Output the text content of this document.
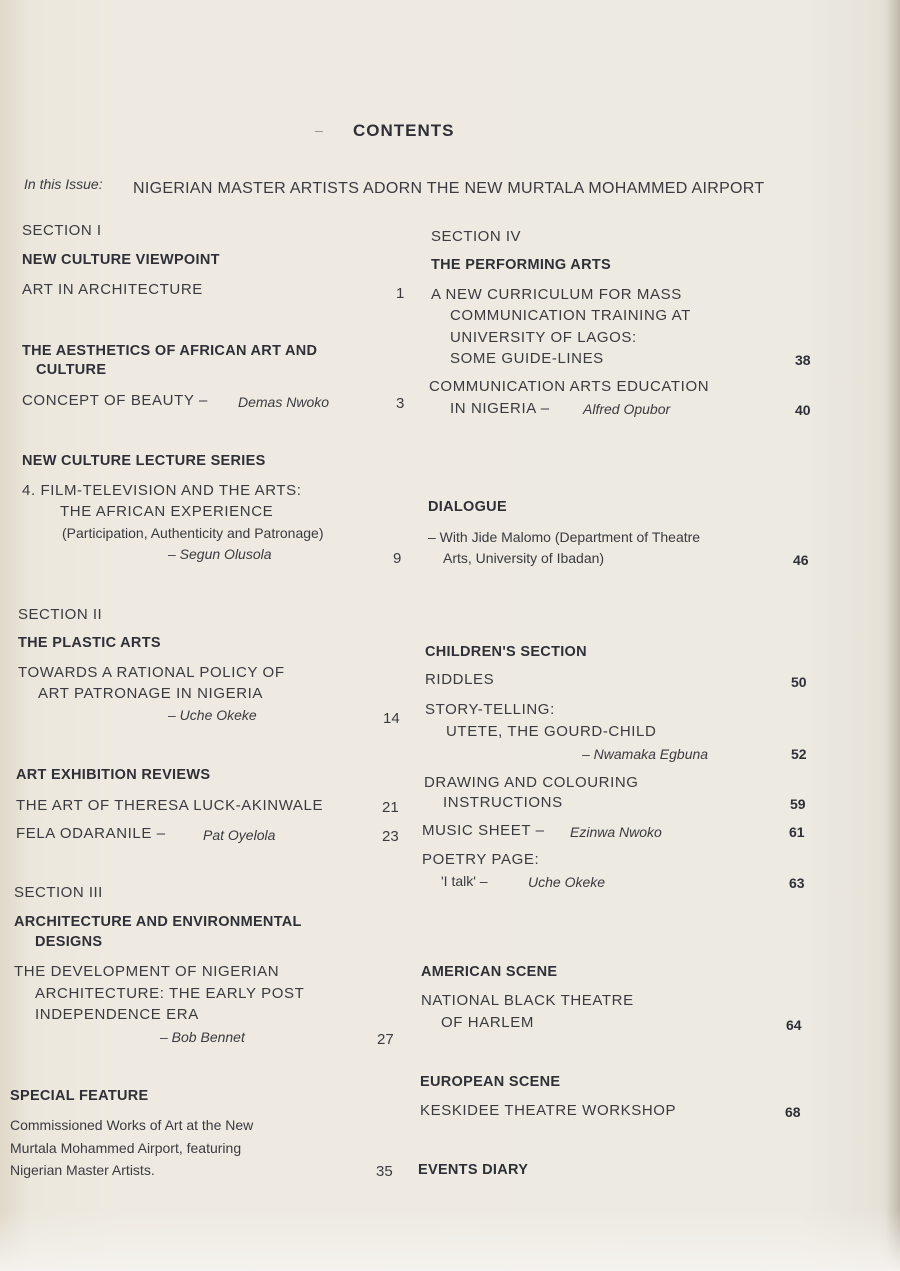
CONTENTS
In this Issue: NIGERIAN MASTER ARTISTS ADORN THE NEW MURTALA MOHAMMED AIRPORT
SECTION I
NEW CULTURE VIEWPOINT
ART IN ARCHITECTURE	1
THE AESTHETICS OF AFRICAN ART AND
CULTURE
CONCEPT OF BEAUTY – Demas Nwoko	3
NEW CULTURE LECTURE SERIES
4. FILM-TELEVISION AND THE ARTS:
THE AFRICAN EXPERIENCE
(Participation, Authenticity and Patronage)
– Segun Olusola	9
SECTION II
THE PLASTIC ARTS
TOWARDS A RATIONAL POLICY OF
ART PATRONAGE IN NIGERIA
– Uche Okeke	14
ART EXHIBITION REVIEWS
THE ART OF THERESA LUCK-AKINWALE	21
FELA ODARANILE –	Pat Oyelola	23
SECTION III
ARCHITECTURE AND ENVIRONMENTAL
DESIGNS
THE DEVELOPMENT OF NIGERIAN
ARCHITECTURE: THE EARLY POST
INDEPENDENCE ERA
– Bob Bennet	27
SPECIAL FEATURE
Commissioned Works of Art at the New
Murtala Mohammed Airport, featuring
Nigerian Master Artists.	35
SECTION IV
THE PERFORMING ARTS
A NEW CURRICULUM FOR MASS
COMMUNICATION TRAINING AT
UNIVERSITY OF LAGOS:
SOME GUIDE-LINES	38
COMMUNICATION ARTS EDUCATION
IN NIGERIA – Alfred Opubor	40
DIALOGUE
– With Jide Malomo (Department of Theatre
Arts, University of Ibadan)	46
CHILDREN'S SECTION
RIDDLES	50
STORY-TELLING:
UTETE, THE GOURD-CHILD
– Nwamaka Egbuna	52
DRAWING AND COLOURING
INSTRUCTIONS	59
MUSIC SHEET – Ezinwa Nwoko	61
POETRY PAGE:
'I talk' –	Uche Okeke	63
AMERICAN SCENE
NATIONAL BLACK THEATRE
OF HARLEM	64
EUROPEAN SCENE
KESKIDEE THEATRE WORKSHOP	68
EVENTS DIARY
